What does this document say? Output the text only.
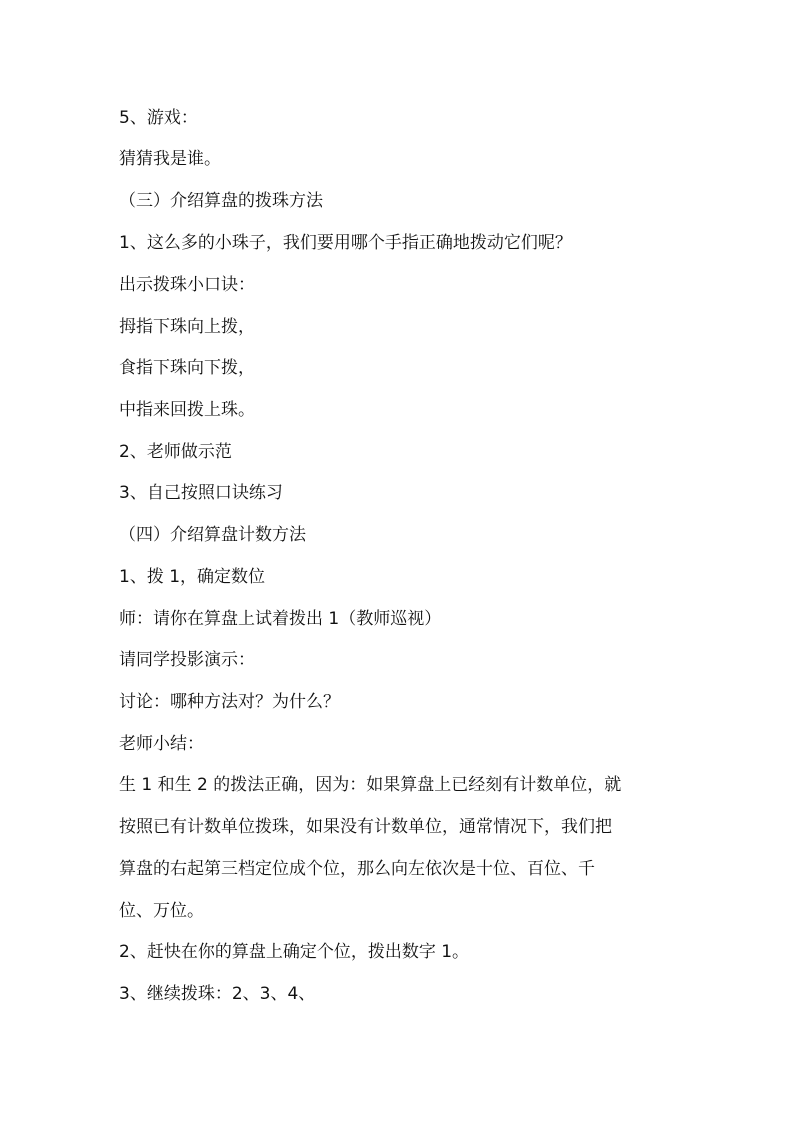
5、游戏：
猜猜我是谁。
（三）介绍算盘的拨珠方法
1、这么多的小珠子，我们要用哪个手指正确地拨动它们呢？
出示拨珠小口诀：
拇指下珠向上拨，
食指下珠向下拨，
中指来回拨上珠。
2、老师做示范
3、自己按照口诀练习
（四）介绍算盘计数方法
1、拨 1，确定数位
师：请你在算盘上试着拨出 1（教师巡视）
请同学投影演示：
讨论：哪种方法对？为什么？
老师小结：
生 1 和生 2 的拨法正确，因为：如果算盘上已经刻有计数单位，就
按照已有计数单位拨珠，如果没有计数单位，通常情况下，我们把
算盘的右起第三档定位成个位，那么向左依次是十位、百位、千
位、万位。
2、赶快在你的算盘上确定个位，拨出数字 1。
3、继续拨珠：2、3、4、
